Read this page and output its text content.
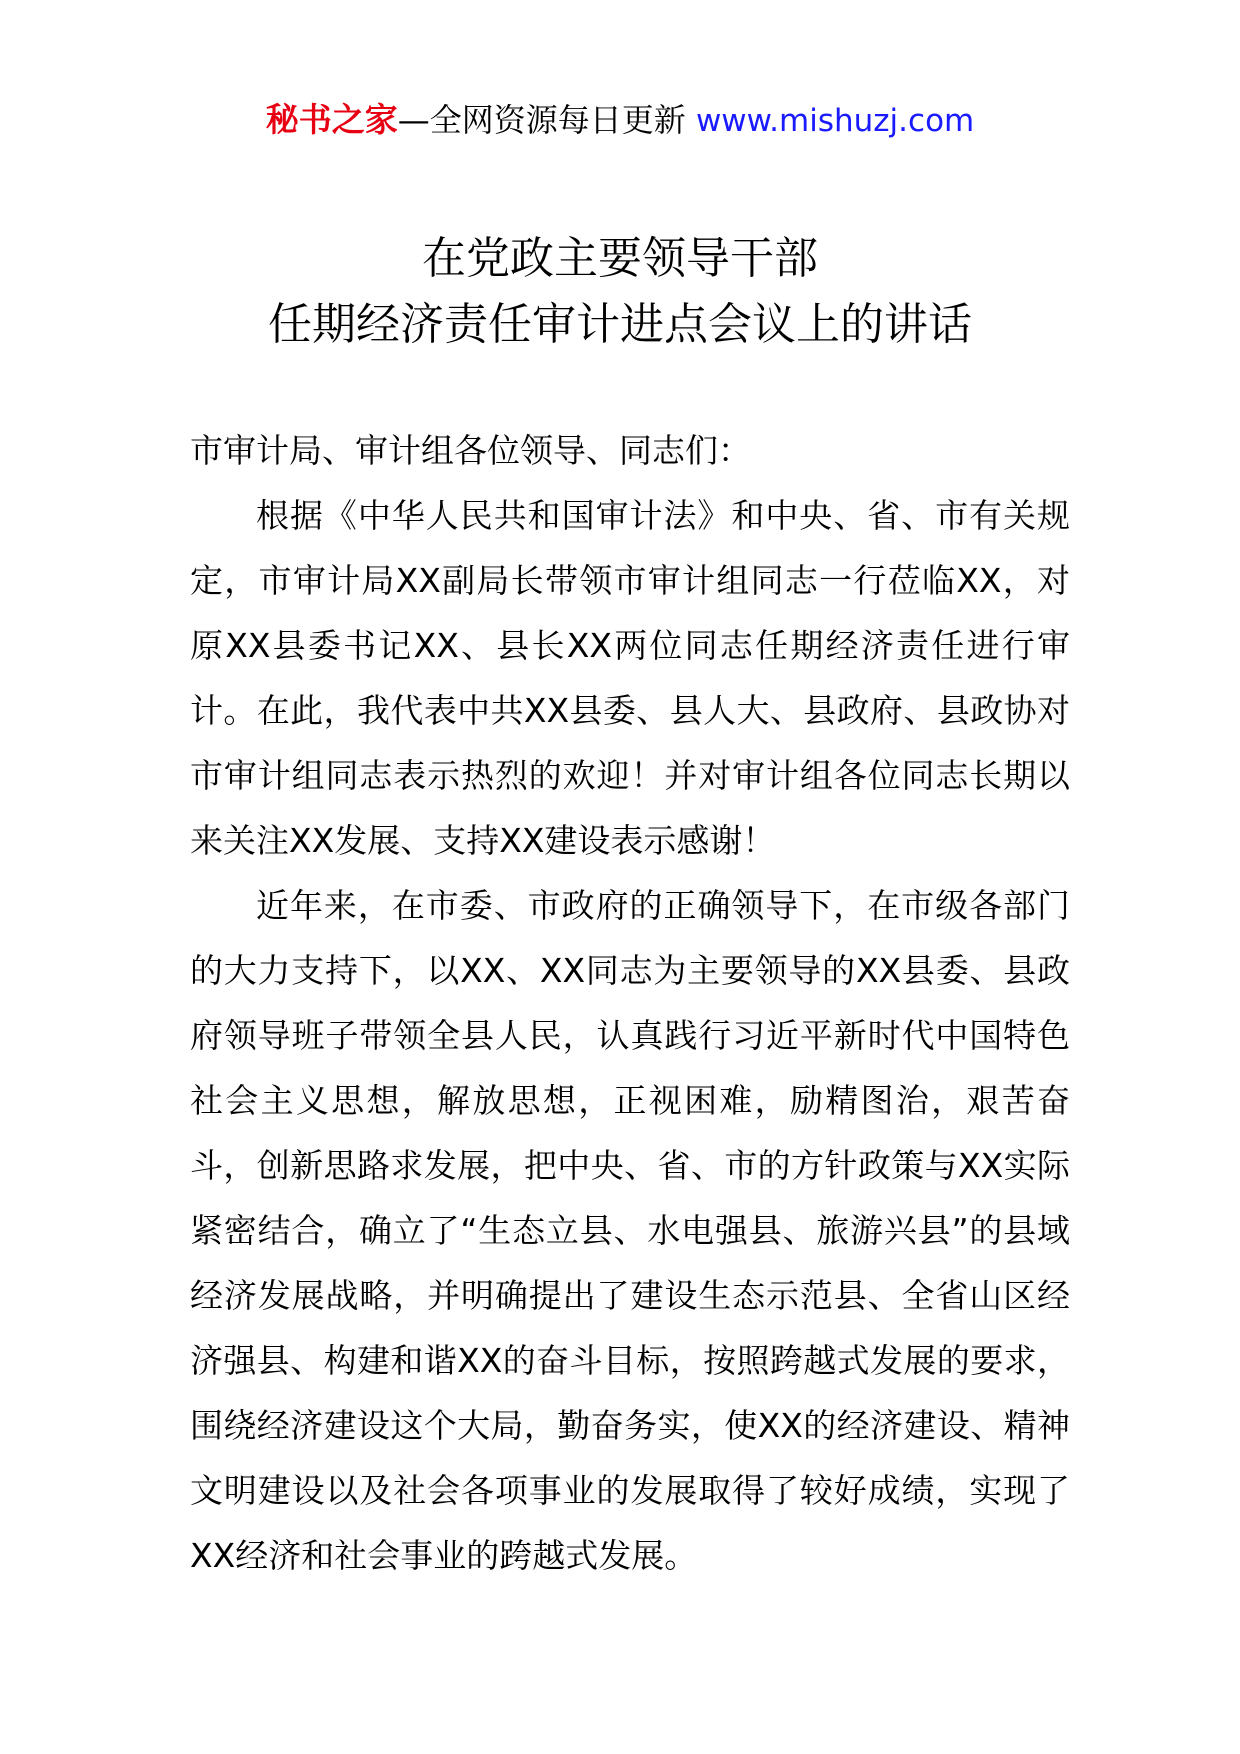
秘书之家—全网资源每日更新 www.mishuzj.com
在党政主要领导干部
任期经济责任审计进点会议上的讲话

市审计局、审计组各位领导、同志们：

根据《中华人民共和国审计法》和中央、省、市有关规定，市审计局XX副局长带领市审计组同志一行莅临XX，对原XX县委书记XX、县长XX两位同志任期经济责任进行审计。在此，我代表中共XX县委、县人大、县政府、县政协对市审计组同志表示热烈的欢迎！并对审计组各位同志长期以来关注XX发展、支持XX建设表示感谢！

近年来，在市委、市政府的正确领导下，在市级各部门的大力支持下，以XX、XX同志为主要领导的XX县委、县政府领导班子带领全县人民，认真践行习近平新时代中国特色社会主义思想，解放思想，正视困难，励精图治，艰苦奋斗，创新思路求发展，把中央、省、市的方针政策与XX实际紧密结合，确立了“生态立县、水电强县、旅游兴县”的县域经济发展战略，并明确提出了建设生态示范县、全省山区经济强县、构建和谐XX的奋斗目标，按照跨越式发展的要求，围绕经济建设这个大局，勤奋务实，使XX的经济建设、精神文明建设以及社会各项事业的发展取得了较好成绩，实现了XX经济和社会事业的跨越式发展。
